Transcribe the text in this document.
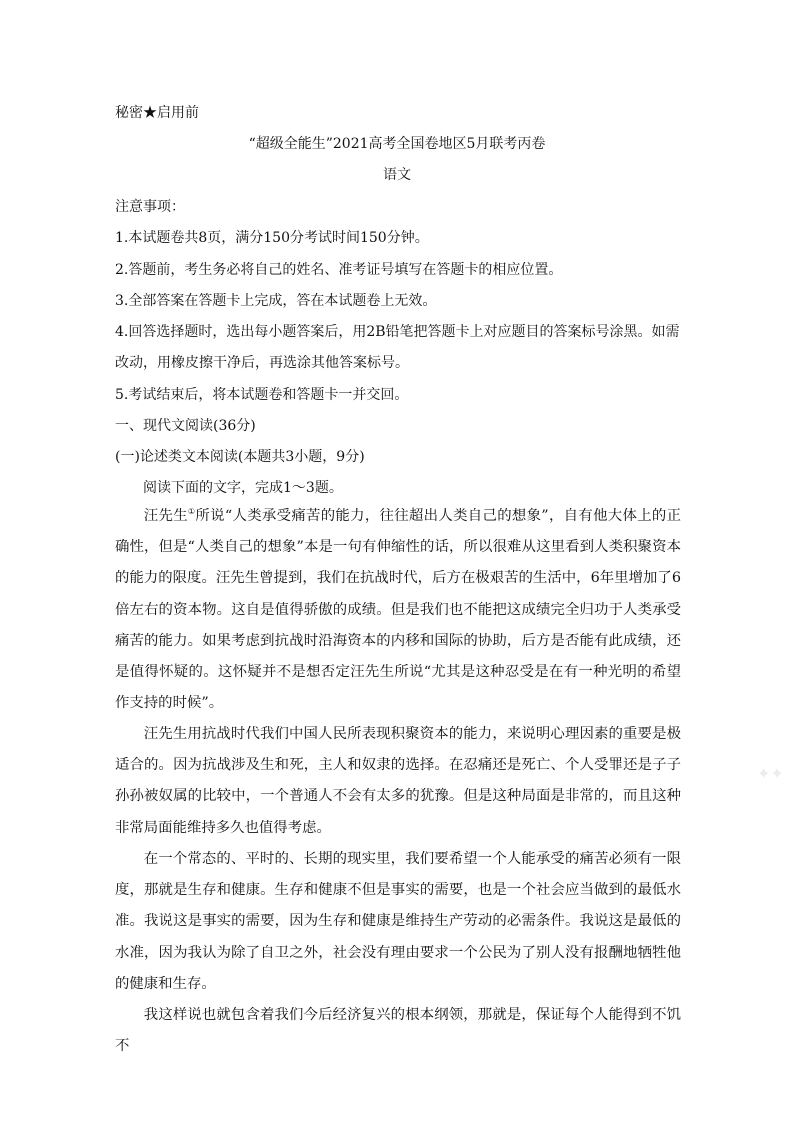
秘密★启用前
“超级全能生”2021高考全国卷地区5月联考丙卷
语文
注意事项：
1.本试题卷共8页，满分150分考试时间150分钟。
2.答题前，考生务必将自己的姓名、准考证号填写在答题卡的相应位置。
3.全部答案在答题卡上完成，答在本试题卷上无效。
4.回答选择题时，选出每小题答案后，用2B铅笔把答题卡上对应题目的答案标号涂黑。如需
改动，用橡皮擦干净后，再选涂其他答案标号。
5.考试结束后，将本试题卷和答题卡一并交回。
一、现代文阅读(36分)
(一)论述类文本阅读(本题共3小题，9分)
阅读下面的文字，完成1～3题。

汪先生①所说“人类承受痛苦的能力，往往超出人类自己的想象”，自有他大体上的正确性，但是“人类自己的想象”本是一句有伸缩性的话，所以很难从这里看到人类积聚资本的能力的限度。汪先生曾提到，我们在抗战时代，后方在极艰苦的生活中，6年里增加了6倍左右的资本物。这自是值得骄傲的成绩。但是我们也不能把这成绩完全归功于人类承受痛苦的能力。如果考虑到抗战时沿海资本的内移和国际的协助，后方是否能有此成绩，还是值得怀疑的。这怀疑并不是想否定汪先生所说“尤其是这种忍受是在有一种光明的希望作支持的时候”。

汪先生用抗战时代我们中国人民所表现积聚资本的能力，来说明心理因素的重要是极适合的。因为抗战涉及生和死，主人和奴隶的选择。在忍痛还是死亡、个人受罪还是子子孙孙被奴属的比较中，一个普通人不会有太多的犹豫。但是这种局面是非常的，而且这种非常局面能维持多久也值得考虑。

在一个常态的、平时的、长期的现实里，我们要希望一个人能承受的痛苦必须有一限度，那就是生存和健康。生存和健康不但是事实的需要，也是一个社会应当做到的最低水准。我说这是事实的需要，因为生存和健康是维持生产劳动的必需条件。我说这是最低的水准，因为我认为除了自卫之外，社会没有理由要求一个公民为了别人没有报酬地牺牲他的健康和生存。

我这样说也就包含着我们今后经济复兴的根本纲领，那就是，保证每个人能得到不饥不

✦✦
